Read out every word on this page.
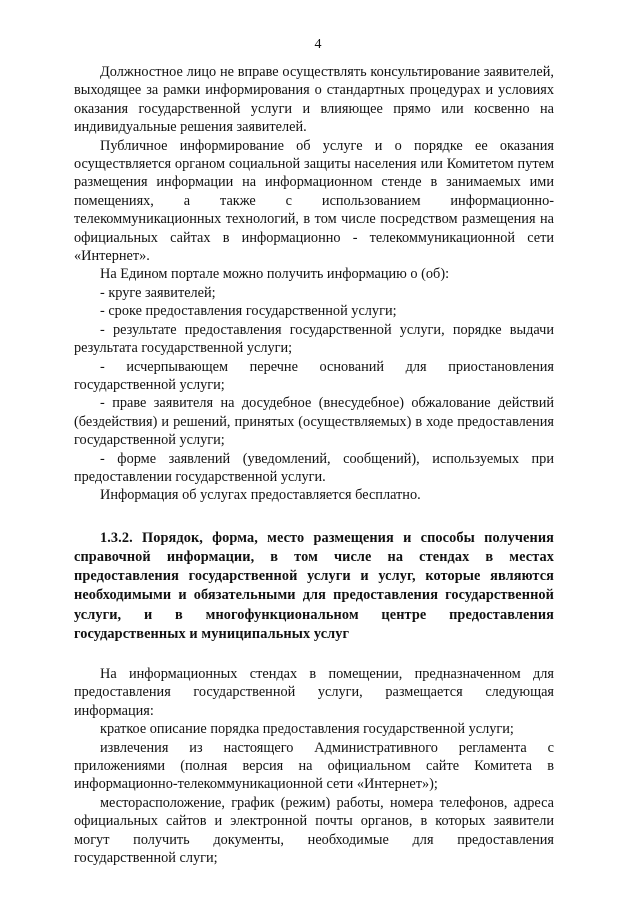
4

Должностное лицо не вправе осуществлять консультирование заявителей, выходящее за рамки информирования о стандартных процедурах и условиях оказания государственной услуги и влияющее прямо или косвенно на индивидуальные решения заявителей.

Публичное информирование об услуге и о порядке ее оказания осуществляется органом социальной защиты населения или Комитетом путем размещения информации на информационном стенде в занимаемых ими помещениях, а также с использованием информационно-телекоммуникационных технологий, в том числе посредством размещения на официальных сайтах в информационно - телекоммуникационной сети «Интернет».

На Едином портале можно получить информацию о (об):

- круге заявителей;

- сроке предоставления государственной услуги;

- результате предоставления государственной услуги, порядке выдачи результата государственной услуги;

- исчерпывающем перечне оснований для приостановления государственной услуги;

- праве заявителя на досудебное (внесудебное) обжалование действий (бездействия) и решений, принятых (осуществляемых) в ходе предоставления государственной услуги;

- форме заявлений (уведомлений, сообщений), используемых при предоставлении государственной услуги.

Информация об услугах предоставляется бесплатно.

1.3.2. Порядок, форма, место размещения и способы получения справочной информации, в том числе на стендах в местах предоставления государственной услуги и услуг, которые являются необходимыми и обязательными для предоставления государственной услуги, и в многофункциональном центре предоставления государственных и муниципальных услуг

На информационных стендах в помещении, предназначенном для предоставления государственной услуги, размещается следующая информация:

краткое описание порядка предоставления государственной услуги;

извлечения из настоящего Административного регламента с приложениями (полная версия на официальном сайте Комитета в информационно-телекоммуникационной сети «Интернет»);

месторасположение, график (режим) работы, номера телефонов, адреса официальных сайтов и электронной почты органов, в которых заявители могут получить документы, необходимые для предоставления государственной слуги;
